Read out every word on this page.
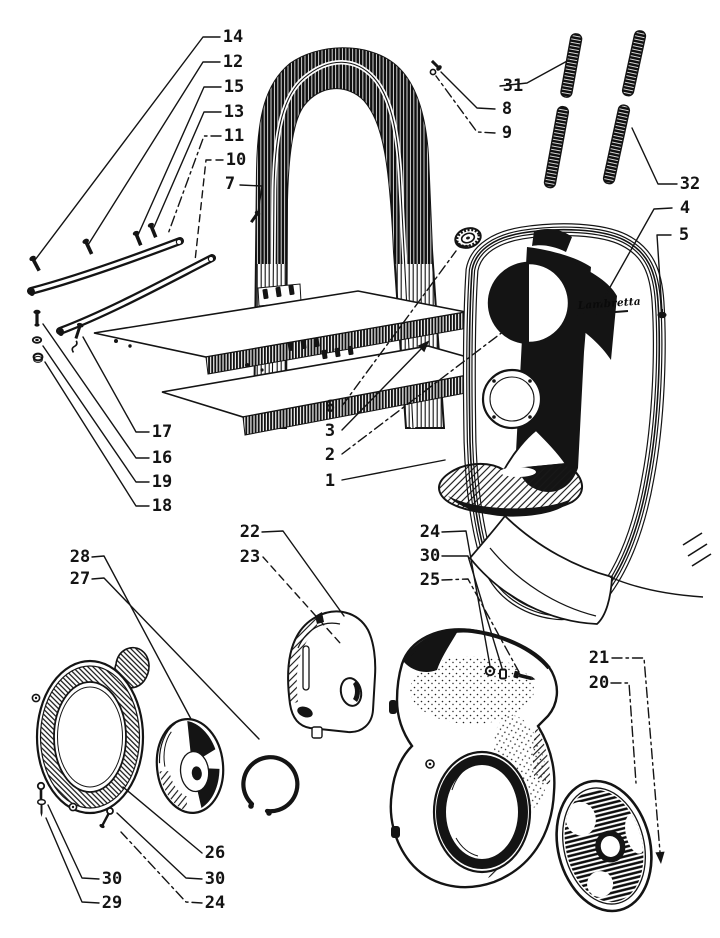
Lambretta
14
12
15
13
11
10
7
31
8
9
32
4
5
17
16
19
18
6
3
2
1
22
23
24
30
25
28
27
26
30
29
30
24
21
20
